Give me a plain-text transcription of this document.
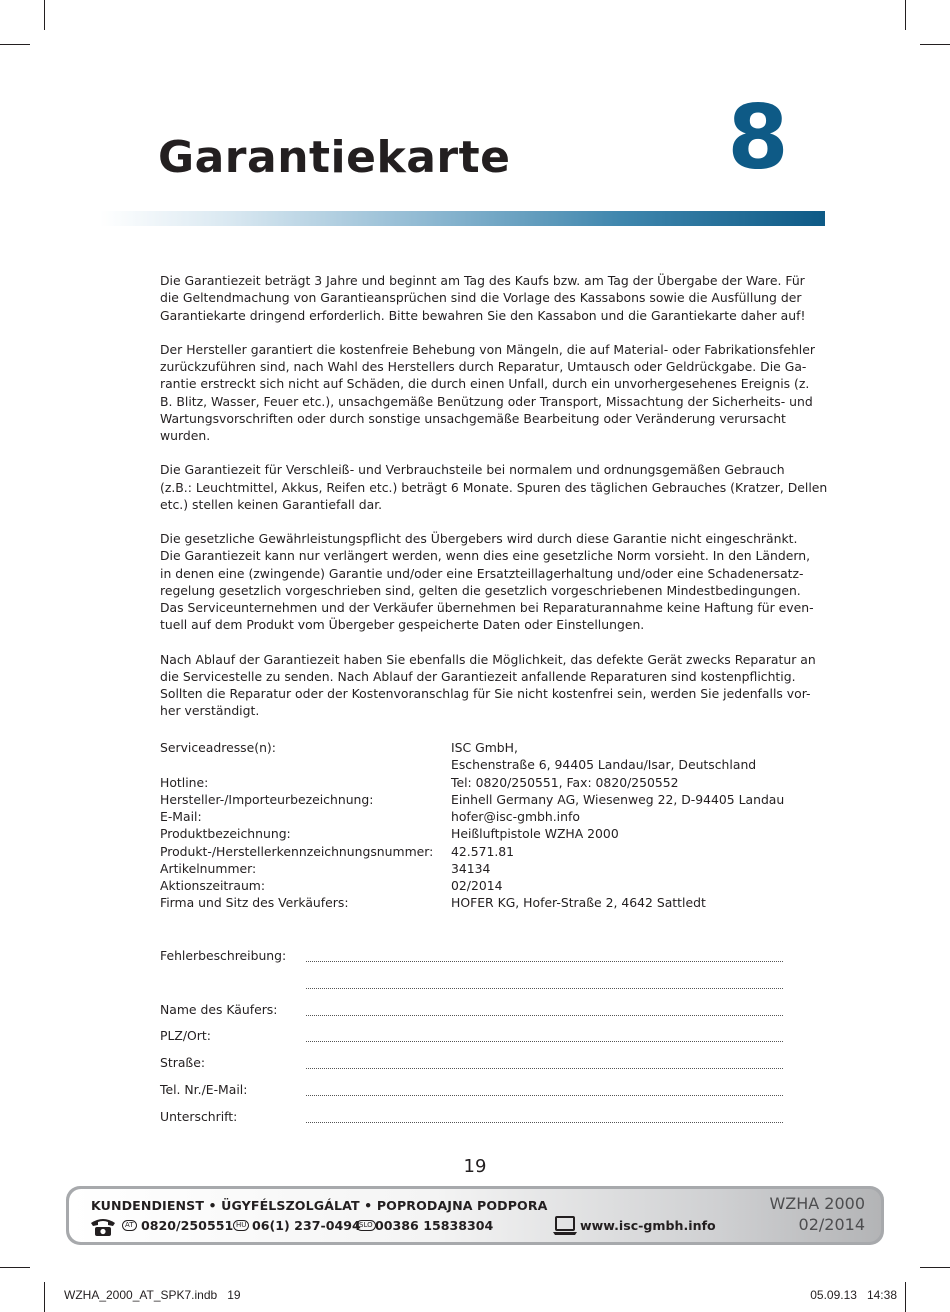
Garantiekarte 8
Die Garantiezeit beträgt 3 Jahre und beginnt am Tag des Kaufs bzw. am Tag der Übergabe der Ware. Für
die Geltendmachung von Garantieansprüchen sind die Vorlage des Kassabons sowie die Ausfüllung der
Garantiekarte dringend erforderlich. Bitte bewahren Sie den Kassabon und die Garantiekarte daher auf!
Der Hersteller garantiert die kostenfreie Behebung von Mängeln, die auf Material- oder Fabrikationsfehler
zurückzuführen sind, nach Wahl des Herstellers durch Reparatur, Umtausch oder Geldrückgabe. Die Ga-
rantie erstreckt sich nicht auf Schäden, die durch einen Unfall, durch ein unvorhergesehenes Ereignis (z.
B. Blitz, Wasser, Feuer etc.), unsachgemäße Benützung oder Transport, Missachtung der Sicherheits- und
Wartungsvorschriften oder durch sonstige unsachgemäße Bearbeitung oder Veränderung verursacht
wurden.
Die Garantiezeit für Verschleiß- und Verbrauchsteile bei normalem und ordnungsgemäßen Gebrauch
(z.B.: Leuchtmittel, Akkus, Reifen etc.) beträgt 6 Monate. Spuren des täglichen Gebrauches (Kratzer, Dellen
etc.) stellen keinen Garantiefall dar.
Die gesetzliche Gewährleistungspflicht des Übergebers wird durch diese Garantie nicht eingeschränkt.
Die Garantiezeit kann nur verlängert werden, wenn dies eine gesetzliche Norm vorsieht. In den Ländern,
in denen eine (zwingende) Garantie und/oder eine Ersatzteillagerhaltung und/oder eine Schadenersatz-
regelung gesetzlich vorgeschrieben sind, gelten die gesetzlich vorgeschriebenen Mindestbedingungen.
Das Serviceunternehmen und der Verkäufer übernehmen bei Reparaturannahme keine Haftung für even-
tuell auf dem Produkt vom Übergeber gespeicherte Daten oder Einstellungen.
Nach Ablauf der Garantiezeit haben Sie ebenfalls die Möglichkeit, das defekte Gerät zwecks Reparatur an
die Servicestelle zu senden. Nach Ablauf der Garantiezeit anfallende Reparaturen sind kostenpflichtig.
Sollten die Reparatur oder der Kostenvoranschlag für Sie nicht kostenfrei sein, werden Sie jedenfalls vor-
her verständigt.
Serviceadresse(n):	ISC GmbH,
Eschenstraße 6, 94405 Landau/Isar, Deutschland
Hotline:	Tel: 0820/250551, Fax: 0820/250552
Hersteller-/Importeurbezeichnung:	Einhell Germany AG, Wiesenweg 22, D-94405 Landau
E-Mail:	hofer@isc-gmbh.info
Produktbezeichnung:	Heißluftpistole WZHA 2000
Produkt-/Herstellerkennzeichnungsnummer:	42.571.81
Artikelnummer:	34134
Aktionszeitraum:	02/2014
Firma und Sitz des Verkäufers:	HOFER KG, Hofer-Straße 2, 4642 Sattledt
Fehlerbeschreibung:
Name des Käufers:
PLZ/Ort:
Straße:
Tel. Nr./E-Mail:
Unterschrift:
19
KUNDENDIENST • ÜGYFÉLSZOLGÁLAT • POPRODAJNA PODPORA
AT 0820/250551 HU 06(1) 237-0494
SLO 00386 15838304	www.isc-gmbh.info
WZHA 2000
02/2014
WZHA_2000_AT_SPK7.indb   19	05.09.13   14:38
